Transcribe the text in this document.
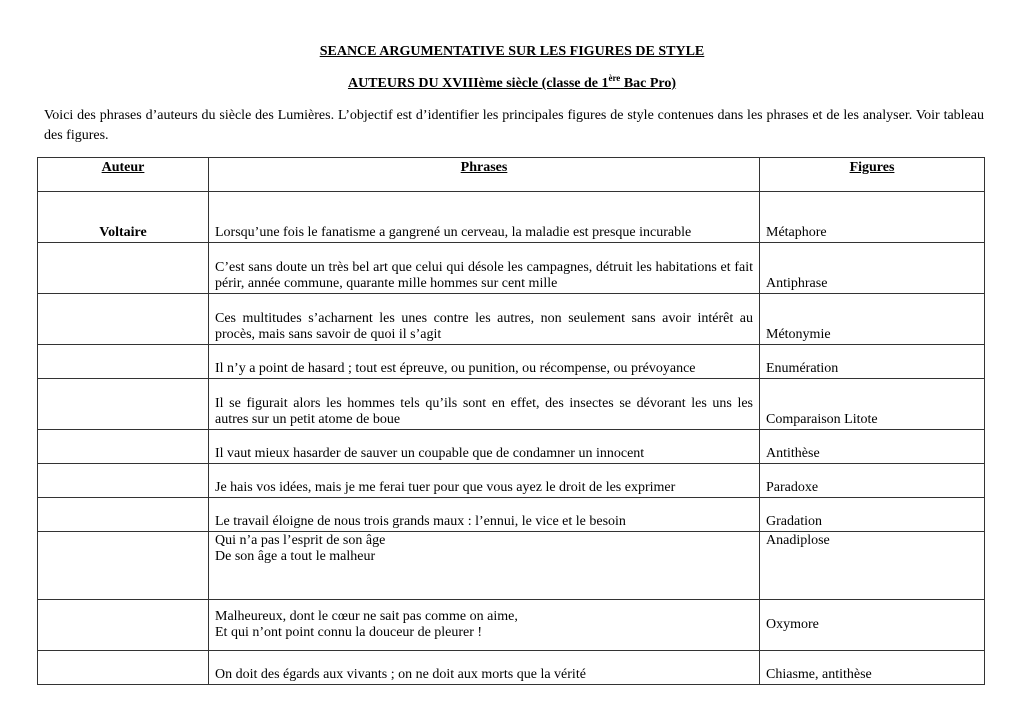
SEANCE ARGUMENTATIVE SUR LES FIGURES DE STYLE
AUTEURS DU XVIIIème siècle (classe de 1ère Bac Pro)
Voici des phrases d’auteurs du siècle des Lumières. L’objectif est d’identifier les principales figures de style contenues dans les phrases et de les analyser. Voir tableau des figures.
Auteur	Phrases	Figures
Voltaire	Lorsqu’une fois le fanatisme a gangrené un cerveau, la maladie est presque incurable	Métaphore

	C’est sans doute un très bel art que celui qui désole les campagnes, détruit les habitations et fait périr, année commune, quarante mille hommes sur cent mille	Antiphrase

	Ces multitudes s’acharnent les unes contre les autres, non seulement sans avoir intérêt au procès, mais sans savoir de quoi il s’agit	Métonymie

	Il n’y a point de hasard ; tout est épreuve, ou punition, ou récompense, ou prévoyance	Enumération

	Il se figurait alors les hommes tels qu’ils sont en effet, des insectes se dévorant les uns les autres sur un petit atome de boue	Comparaison Litote

	Il vaut mieux hasarder de sauver un coupable que de condamner un innocent	Antithèse

	Je hais vos idées, mais je me ferai tuer pour que vous ayez le droit de les exprimer	Paradoxe

	Le travail éloigne de nous trois grands maux : l’ennui, le vice et le besoin	Gradation

	Qui n’a pas l’esprit de son âge
De son âge a tout le malheur	Anadiplose

	Malheureux, dont le cœur ne sait pas comme on aime,
Et qui n’ont point connu la douceur de pleurer !	Oxymore

	On doit des égards aux vivants ; on ne doit aux morts que la vérité	Chiasme, antithèse
